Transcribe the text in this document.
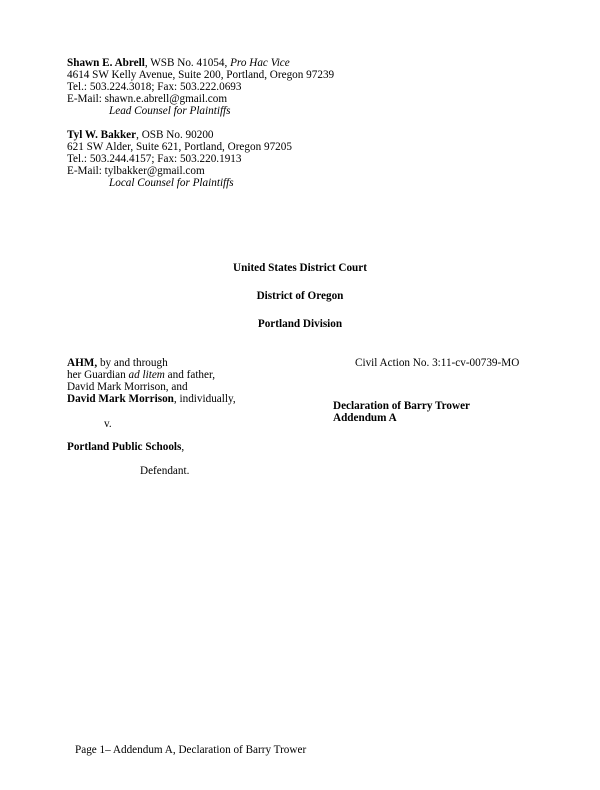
Shawn E. Abrell, WSB No. 41054, Pro Hac Vice
4614 SW Kelly Avenue, Suite 200, Portland, Oregon 97239
Tel.: 503.224.3018; Fax: 503.222.0693
E-Mail: shawn.e.abrell@gmail.com
Lead Counsel for Plaintiffs
Tyl W. Bakker, OSB No. 90200
621 SW Alder, Suite 621, Portland, Oregon 97205
Tel.: 503.244.4157; Fax: 503.220.1913
E-Mail: tylbakker@gmail.com
Local Counsel for Plaintiffs
United States District Court
District of Oregon
Portland Division
AHM, by and through
her Guardian ad litem and father,
David Mark Morrison, and
David Mark Morrison, individually,
v.
Portland Public Schools,
Defendant.
Civil Action No. 3:11-cv-00739-MO
Declaration of Barry Trower
Addendum A
Page 1– Addendum A, Declaration of Barry Trower
